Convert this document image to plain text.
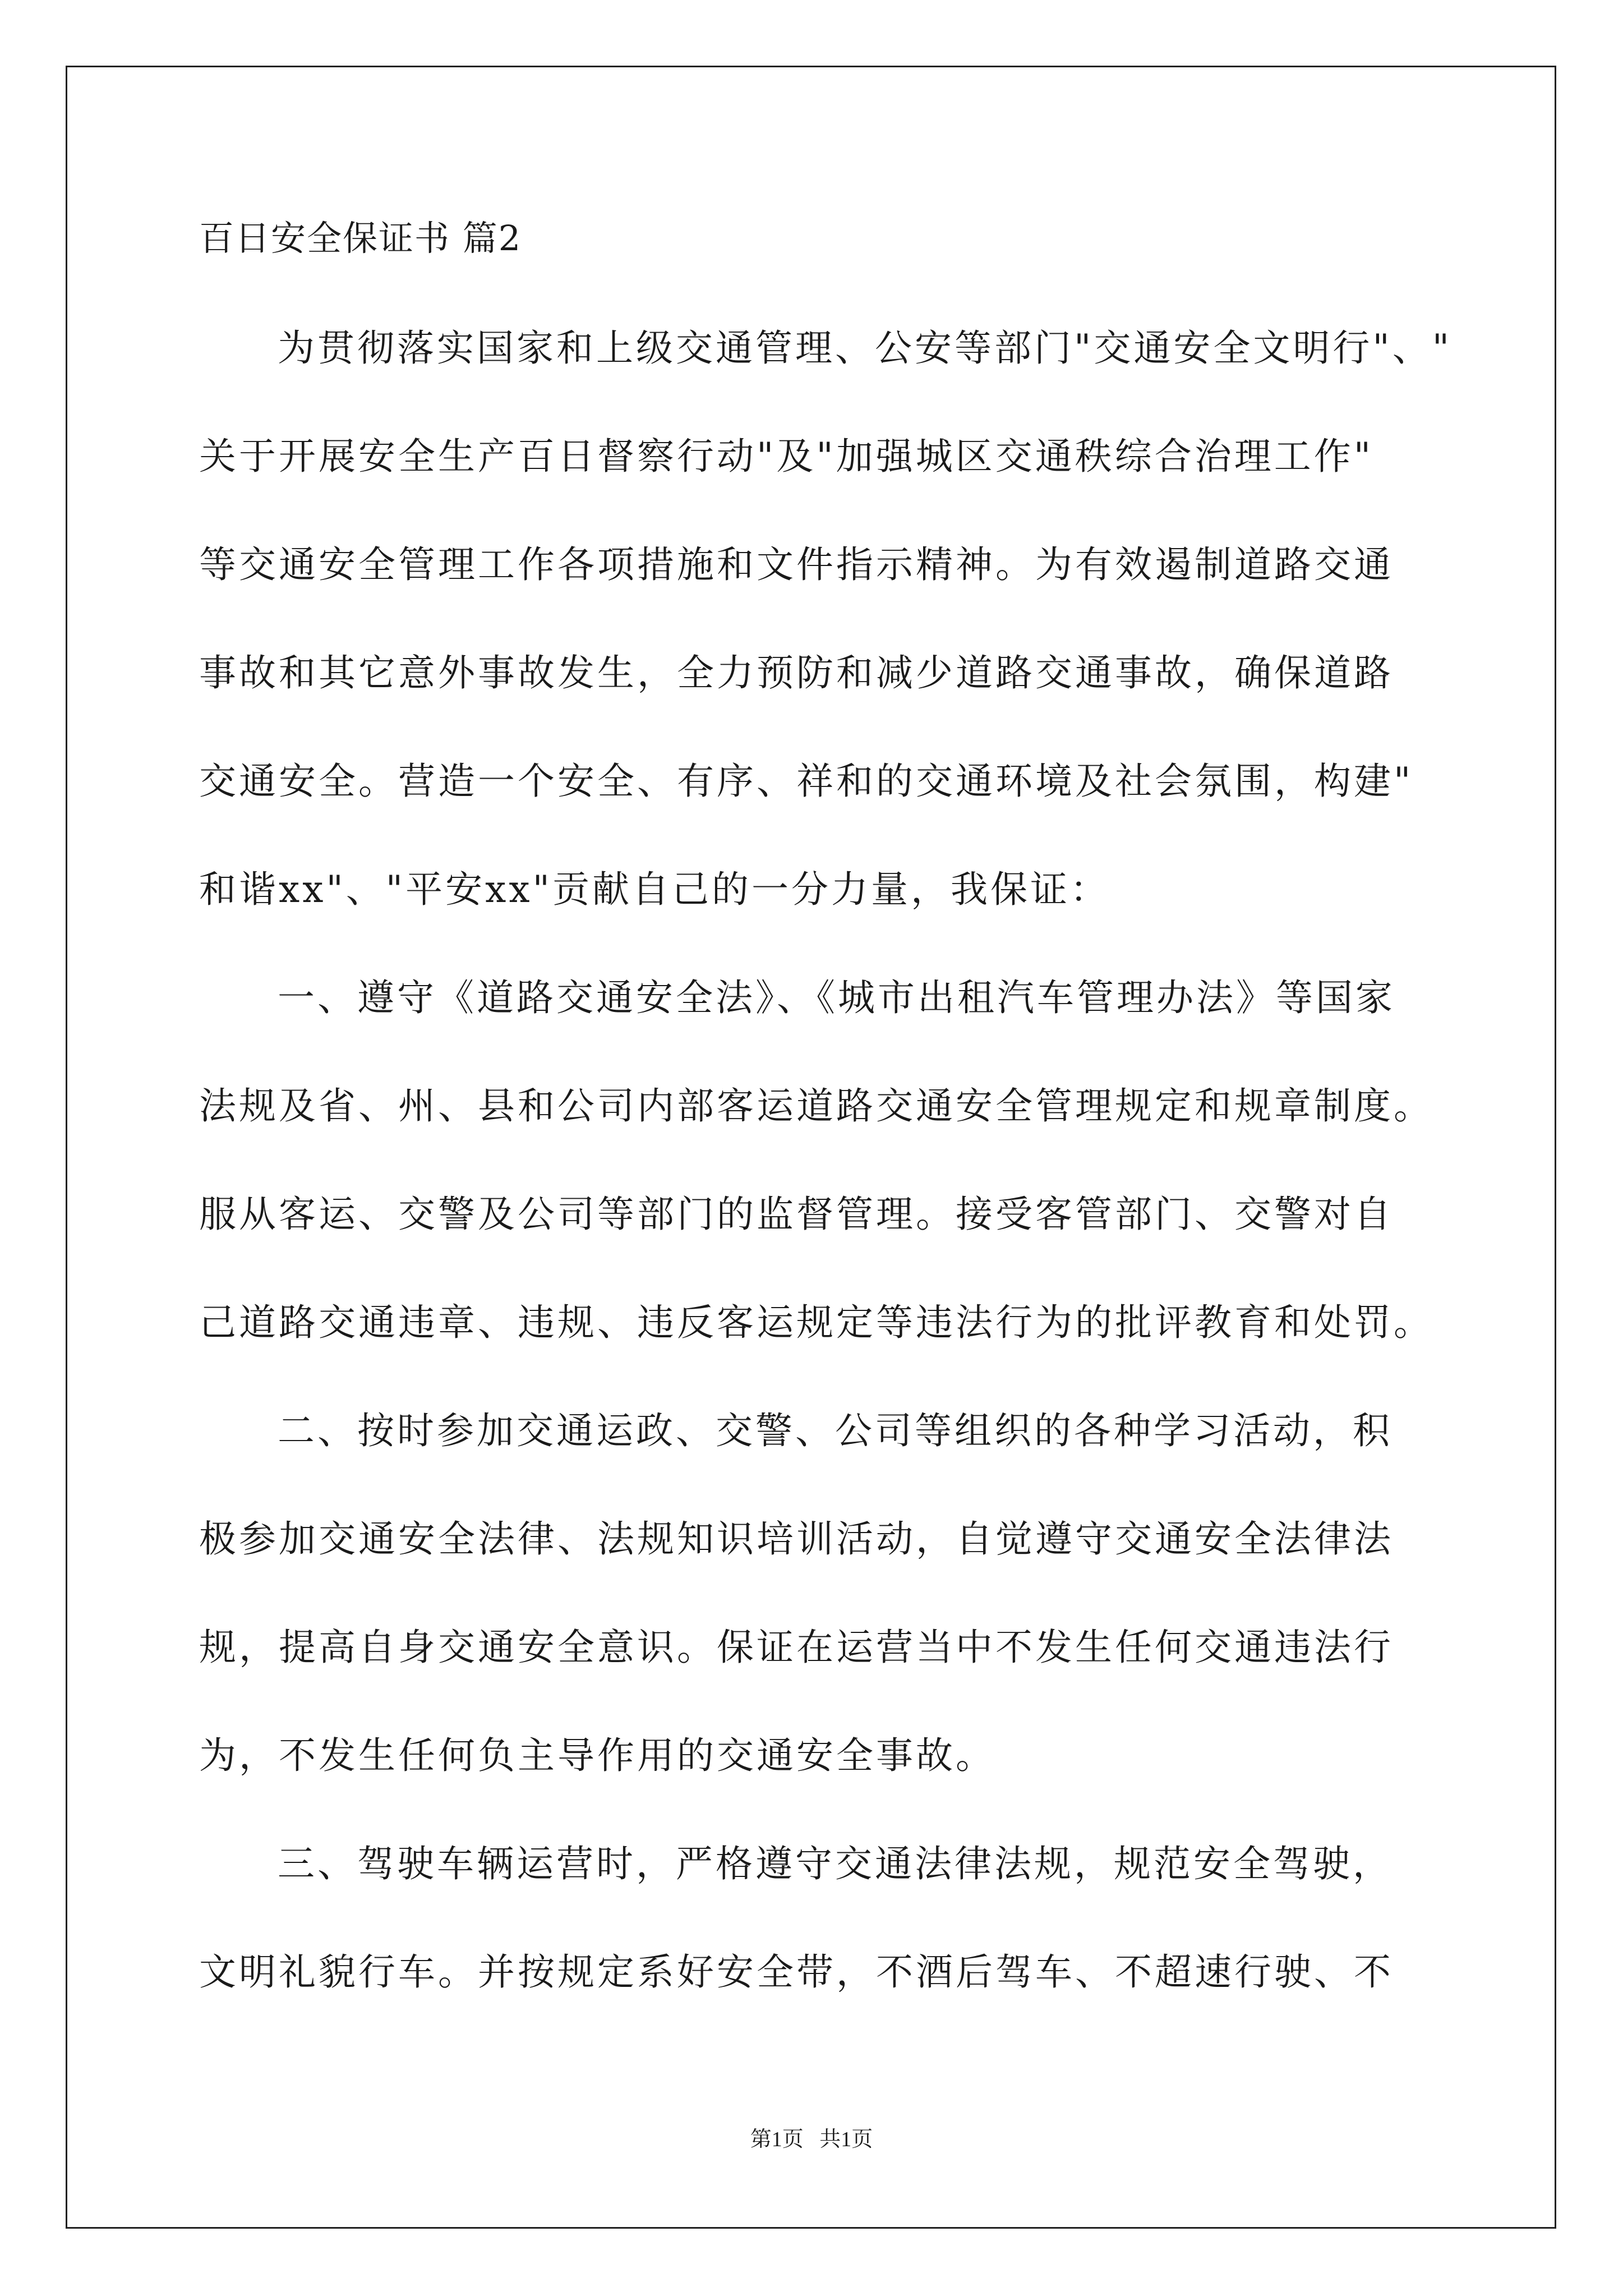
百日安全保证书 篇2
为贯彻落实国家和上级交通管理、公安等部门"交通安全文明行"、"
关于开展安全生产百日督察行动"及"加强城区交通秩综合治理工作"
等交通安全管理工作各项措施和文件指示精神。为有效遏制道路交通
事故和其它意外事故发生，全力预防和减少道路交通事故，确保道路
交通安全。营造一个安全、有序、祥和的交通环境及社会氛围，构建"
和谐xx"、"平安xx"贡献自己的一分力量，我保证：
一、遵守《道路交通安全法》、《城市出租汽车管理办法》等国家
法规及省、州、县和公司内部客运道路交通安全管理规定和规章制度。
服从客运、交警及公司等部门的监督管理。接受客管部门、交警对自
己道路交通违章、违规、违反客运规定等违法行为的批评教育和处罚。
二、按时参加交通运政、交警、公司等组织的各种学习活动，积
极参加交通安全法律、法规知识培训活动，自觉遵守交通安全法律法
规，提高自身交通安全意识。保证在运营当中不发生任何交通违法行
为，不发生任何负主导作用的交通安全事故。
三、驾驶车辆运营时，严格遵守交通法律法规，规范安全驾驶，
文明礼貌行车。并按规定系好安全带，不酒后驾车、不超速行驶、不
第1页   共1页
